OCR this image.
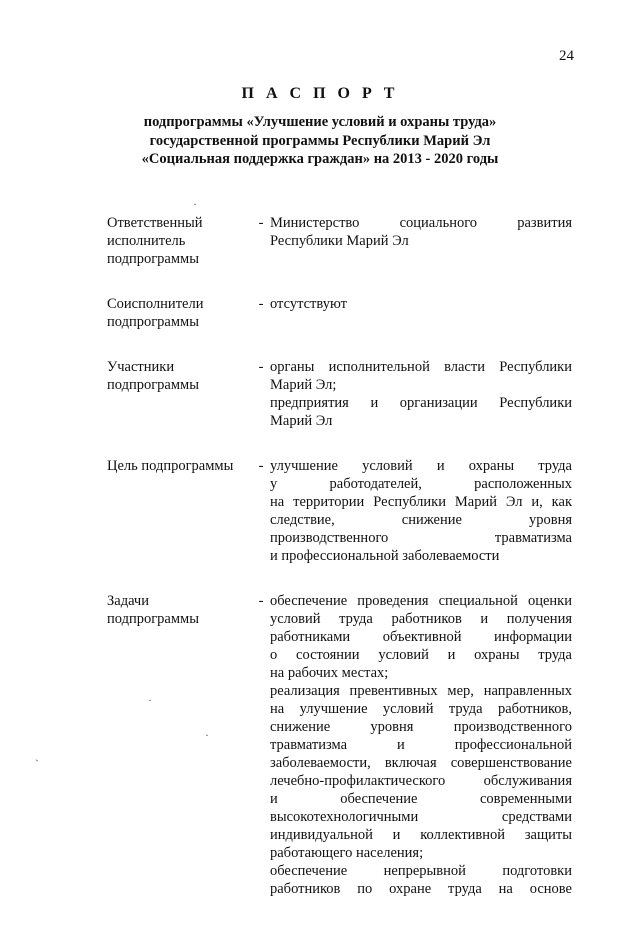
24
П А С П О Р Т
подпрограммы «Улучшение условий и охраны труда»
государственной программы Республики Марий Эл
«Социальная поддержка граждан» на 2013 - 2020 годы
Ответственный
исполнитель
подпрограммы
- Министерство социального развития
Республики Марий Эл
Соисполнители
подпрограммы
- отсутствуют
Участники
подпрограммы
- органы исполнительной власти Республики
Марий Эл;
предприятия и организации Республики
Марий Эл
Цель подпрограммы	- улучшение условий и охраны труда
у работодателей, расположенных
на территории Республики Марий Эл и, как
следствие, снижение уровня
производственного травматизма
и профессиональной заболеваемости
Задачи
подпрограммы
- обеспечение проведения специальной оценки
условий труда работников и получения
работниками объективной информации
о состоянии условий и охраны труда
на рабочих местах;
реализация превентивных мер, направленных
на улучшение условий труда работников,
снижение уровня производственного
травматизма и профессиональной
заболеваемости, включая совершенствование
лечебно-профилактического обслуживания
и обеспечение современными
высокотехнологичными средствами
индивидуальной и коллективной защиты
работающего населения;
обеспечение непрерывной подготовки
работников по охране труда на основе
·
·
·
ˋ
